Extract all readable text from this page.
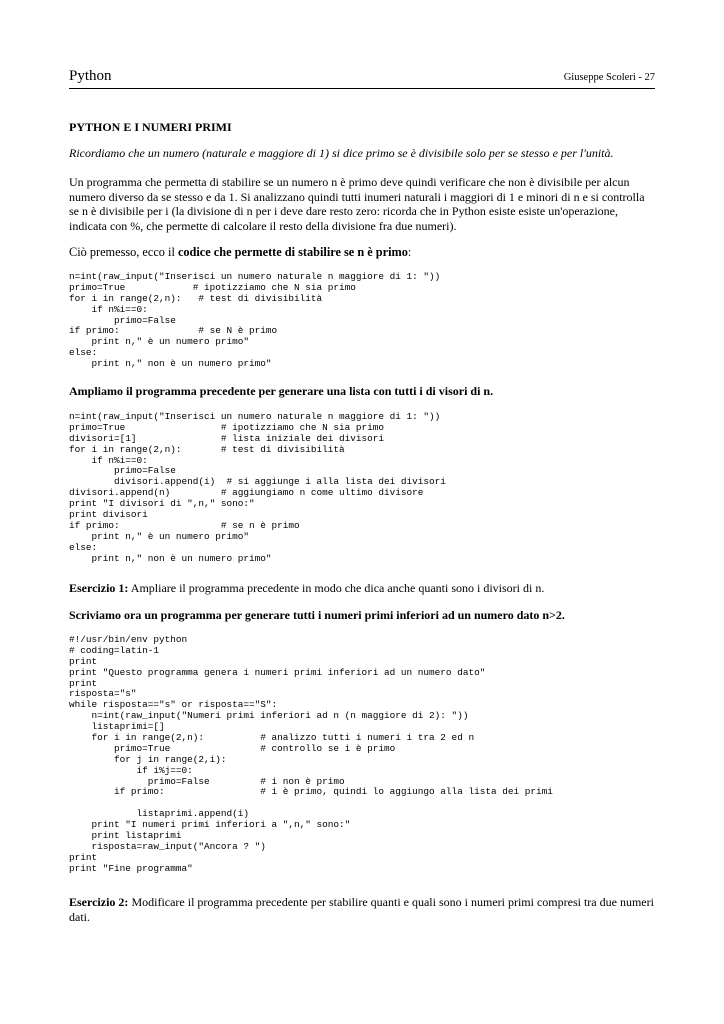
Python	Giuseppe Scoleri - 27

PYTHON E I NUMERI PRIMI

Ricordiamo che un numero (naturale e maggiore di 1) si dice primo se è divisibile solo per se stesso e per l'unità.

Un programma che permetta di stabilire se un numero n è primo deve quindi verificare che non è divisibile per alcun numero diverso da se stesso e da 1. Si analizzano quindi tutti inumeri naturali i maggiori di 1 e minori di n e si controlla se n è divisibile per i (la divisione di n per i deve dare resto zero: ricorda che in Python esiste esiste un'operazione, indicata con %, che permette di calcolare il resto della divisione fra due numeri).

Ciò premesso, ecco il codice che permette di stabilire se n è primo:

n=int(raw_input("Inserisci un numero naturale n maggiore di 1: "))
primo=True            # ipotizziamo che N sia primo
for i in range(2,n):   # test di divisibilità
if n%i==0:
primo=False
if primo:              # se N è primo
print n," è un numero primo"
else:
print n," non è un numero primo"

Ampliamo il programma precedente per generare una lista con tutti i di visori di n.

n=int(raw_input("Inserisci un numero naturale n maggiore di 1: "))
primo=True                 # ipotizziamo che N sia primo
divisori=[1]               # lista iniziale dei divisori
for i in range(2,n):       # test di divisibilità
if n%i==0:
primo=False
divisori.append(i)  # si aggiunge i alla lista dei divisori
divisori.append(n)         # aggiungiamo n come ultimo divisore
print "I divisori di ",n," sono:"
print divisori
if primo:                  # se n è primo
print n," è un numero primo"
else:
print n," non è un numero primo"

Esercizio 1: Ampliare il programma precedente in modo che dica anche quanti sono i divisori di n.

Scriviamo ora un programma per generare tutti i numeri primi inferiori ad un numero dato n>2.

#!/usr/bin/env python
# coding=latin-1
print
print "Questo programma genera i numeri primi inferiori ad un numero dato"
print
risposta="s"
while risposta=="s" or risposta=="S":
n=int(raw_input("Numeri primi inferiori ad n (n maggiore di 2): "))
listaprimi=[]
for i in range(2,n):          # analizzo tutti i numeri i tra 2 ed n
primo=True                # controllo se i è primo
for j in range(2,i):
if i%j==0:
primo=False         # i non è primo
if primo:                 # i è primo, quindi lo aggiungo alla lista dei primi
listaprimi.append(i)
print "I numeri primi inferiori a ",n," sono:"
print listaprimi
risposta=raw_input("Ancora ? ")
print
print "Fine programma"

Esercizio 2: Modificare il programma precedente per stabilire quanti e quali sono i numeri primi compresi tra due numeri dati.
